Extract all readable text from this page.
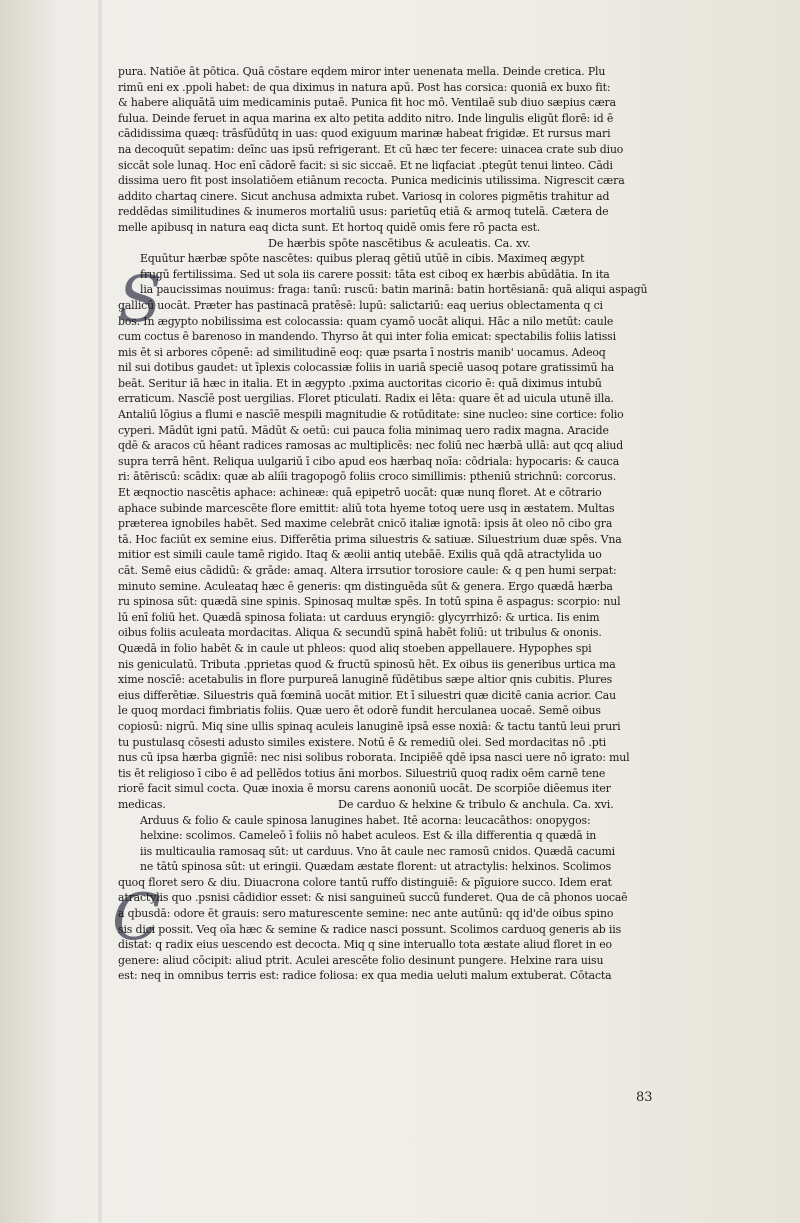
S
C
pura. Natiōe āt pōtica. Quā cōstare eqdem miror inter uenenata mella. Deinde cretica. Plu
rimū eni ex .ppoli habet: de qua diximus in natura apū. Post has corsica: quoniā ex buxo fit:
& habere aliquātā uim medicaminis putaē. Punica fit hoc mō. Ventilaē sub diuo sæpius cæra
fulua. Deinde feruet in aqua marina ex alto petita addito nitro. Inde lingulis eligūt florē: id ē
cādidissima quæq: trāsfūdūtq in uas: quod exiguum marinæ habeat frigidæ. Et rursus mari
na decoquūt sepatim: deīnc uas ipsū refrigerant. Et cū hæc ter fecere: uinacea crate sub diuo
siccāt sole lunaq. Hoc enī cādorē facit: si sic siccaē. Et ne liqfaciat .ptegūt tenui linteo. Cādi
dissima uero fit post insolatiōem etiānum recocta. Punica medicinis utilissima. Nigrescit cæra
addito chartaq cinere. Sicut anchusa admixta rubet. Variosq in colores pigmētis trahitur ad
reddēdas similitudines & inumeros mortaliū usus: parietūq etiā & armoq tutelā. Cætera de
melle apibusq in natura eaq dicta sunt. Et hortoq quidē omis fere rō pacta est.
De hærbis spōte nascētibus & aculeatis. Ca. xv.
Equūtur hærbæ spōte nascētes: quibus pleraq gētiū utūē in cibis. Maximeq ægypt
frugū fertilissima. Sed ut sola iis carere possit: tāta est ciboq ex hærbis abūdātia. In ita
lia paucissimas nouimus: fraga: tanū: ruscū: batin marinā: batin hortēsianā: quā aliqui aspagū
gallicū uocāt. Præter has pastinacā pratēsē: lupū: salictariū: eaq uerius oblectamenta q ci
bos. In ægypto nobilissima est colocassia: quam cyamō uocāt aliqui. Hāc a nilo metūt: caule
cum coctus ē barenoso in mandendo. Thyrso āt qui inter folia emicat: spectabilis foliis latissi
mis ēt si arbores cōpenē: ad similitudinē eoq: quæ psarta ī nostris manib' uocamus. Adeoq
nil sui dotibus gaudet: ut īplexis colocassiæ foliis in uariā speciē uasoq potare gratissimū ha
beāt. Seritur iā hæc in italia. Et in ægypto .pxima auctoritas cicorio ē: quā diximus intubū
erraticum. Nascīē post uergilias. Floret pticulati. Radix ei lēta: quare ēt ad uicula utunē illa.
Antaliū lōgius a flumi e nascīē mespili magnitudie & rotūditate: sine nucleo: sine cortice: folio
cyperi. Mādūt igni patū. Mādūt & oetū: cui pauca folia minimaq uero radix magna. Aracide
qdē & aracos cū hēant radices ramosas ac multiplicēs: nec foliū nec hærbā ullā: aut qcq aliud
supra terrā hēnt. Reliqua uulgariū ī cibo apud eos hærbaq noīa: cōdriala: hypocaris: & cauca
ri: ātēriscū: scādix: quæ ab aliīi tragopogō foliis croco simillimis: ptheniū strichnū: corcorus.
Et æqnoctio nascētis aphace: achineæ: quā epipetrō uocāt: quæ nunq floret. At e cōtrario
aphace subinde marcescēte flore emittit: aliū tota hyeme totoq uere usq in æstatem. Multas
præterea ignobiles habēt. Sed maxime celebrāt cnicō italiæ ignotā: ipsis āt oleo nō cibo gra
tā. Hoc faciūt ex semine eius. Differētia prima siluestris & satiuæ. Siluestrium duæ spēs. Vna
mitior est simili caule tamē rigido. Itaq & æolii antiq utebāē. Exilis quā qdā atractylida uo
cāt. Semē eius cādidū: & grāde: amaq. Altera irrsutior torosiore caule: & q pen humi serpat:
minuto semine. Aculeataq hæc ē generis: qm distinguēda sūt & genera. Ergo quædā hærba
ru spinosa sūt: quædā sine spinis. Spinosaq multæ spēs. In totū spina ē aspagus: scorpio: nul
lū enī foliū het. Quædā spinosa foliata: ut carduus eryngiō: glycyrrhizō: & urtica. Iis enim
oibus foliis aculeata mordacitas. Aliqua & secundū spinā habēt foliū: ut tribulus & ononis.
Quædā in folio habēt & in caule ut phleos: quod aliq stoeben appellauere. Hypophes spi
nis geniculatū. Tributa .pprietas quod & fructū spinosū hēt. Ex oibus iis generibus urtica ma
xime noscīē: acetabulis in flore purpureā lanuginē fūdētibus sæpe altior qnis cubitis. Plures
eius differētiæ. Siluestris quā fœminā uocāt mitior. Et ī siluestri quæ dicitē cania acrior. Cau
le quoq mordaci fimbriatis foliis. Quæ uero ēt odorē fundit herculanea uocaē. Semē oibus
copiosū: nigrū. Miq sine ullis spinaq aculeis lanuginē ipsā esse noxiā: & tactu tantū leui pruri
tu pustulasq cōsesti adusto similes existere. Notū ē & remediū olei. Sed mordacitas nō .pti
nus cū ipsa hærba gignīē: nec nisi solibus roborata. Incipiēē qdē ipsa nasci uere nō igrato: mul
tis ēt religioso ī cibo ē ad pellēdos totius āni morbos. Siluestriū quoq radix oēm carnē tene
riorē facit simul cocta. Quæ inoxia ē morsu carens aononiū uocāt. De scorpiōe diēemus iter
medicas.	De carduo & helxine & tribulo & anchula. Ca. xvi.
Arduus & folio & caule spinosa lanugines habet. Itē acorna: leucacāthos: onopygos:
helxine: scolimos. Cameleō ī foliis nō habet aculeos. Est & illa differentia q quædā in
iis multicaulia ramosaq sūt: ut carduus. Vno āt caule nec ramosū cnidos. Quædā cacumi
ne tātū spinosa sūt: ut eringii. Quædam æstate florent: ut atractylis: helxinos. Scolimos
quoq floret sero & diu. Diuacrona colore tantū ruffo distinguiē: & pīguiore succo. Idem erat
atractylis quo .psnisi cādidior esset: & nisi sanguineū succū funderet. Qua de cā phonos uocaē
a qbusdā: odore ēt grauis: sero maturescente semine: nec ante autūnū: qq id'de oibus spino
sis dici possit. Veq oīa hæc & semine & radice nasci possunt. Scolimos carduoq generis ab iis
distat: q radix eius uescendo est decocta. Miq q sine interuallo tota æstate aliud floret in eo
genere: aliud cōcipit: aliud ptrit. Aculei arescēte folio desinunt pungere. Helxine rara uisu
est: neq in omnibus terris est: radice foliosa: ex qua media ueluti malum extuberat. Cōtacta
83
